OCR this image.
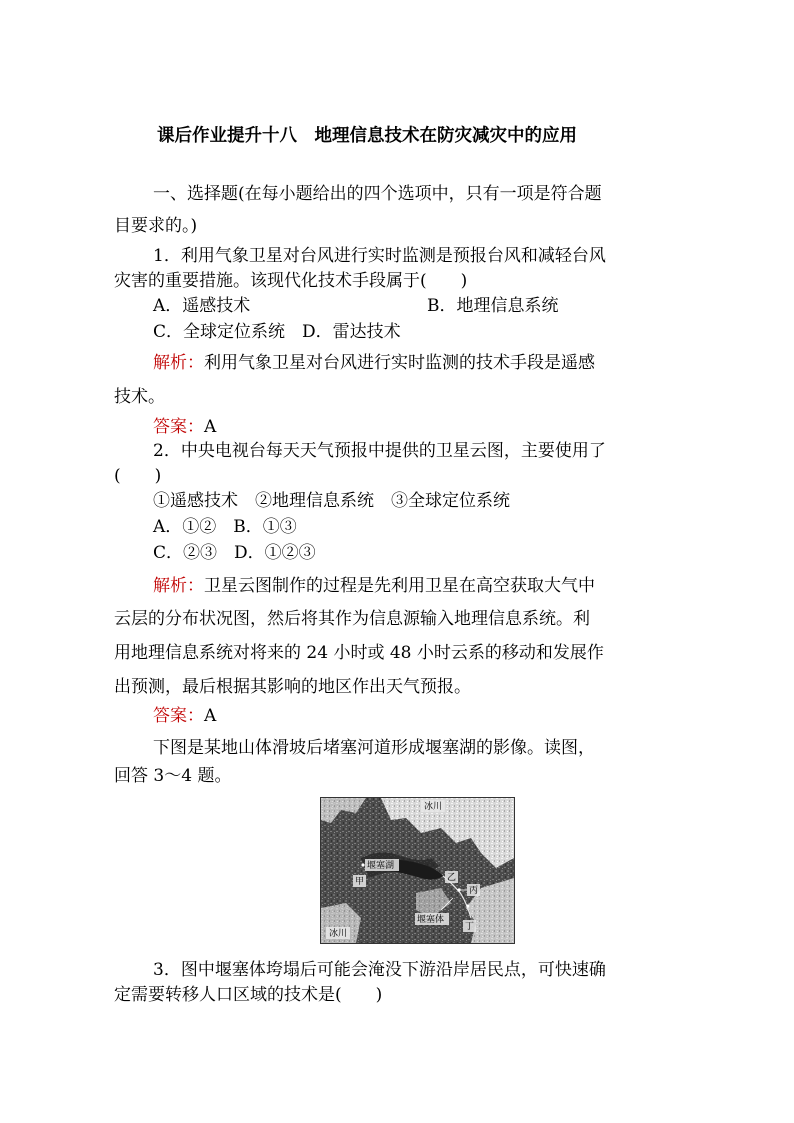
课后作业提升十八　地理信息技术在防灾减灾中的应用
一、选择题(在每小题给出的四个选项中，只有一项是符合题
目要求的。)
1．利用气象卫星对台风进行实时监测是预报台风和减轻台风
灾害的重要措施。该现代化技术手段属于(　　)
A．遥感技术	B．地理信息系统
C．全球定位系统　D．雷达技术
解析：利用气象卫星对台风进行实时监测的技术手段是遥感
技术。
答案：A
2．中央电视台每天天气预报中提供的卫星云图，主要使用了
(　　)
①遥感技术　②地理信息系统　③全球定位系统
A．①②　B．①③
C．②③　D．①②③
解析：卫星云图制作的过程是先利用卫星在高空获取大气中
云层的分布状况图，然后将其作为信息源输入地理信息系统。利
用地理信息系统对将来的 24 小时或 48 小时云系的移动和发展作
出预测，最后根据其影响的地区作出天气预报。
答案：A
下图是某地山体滑坡后堵塞河道形成堰塞湖的影像。读图，
回答 3～4 题。
冰川
堰塞湖
甲	乙
丙
堰塞体
丁
冰川
3．图中堰塞体垮塌后可能会淹没下游沿岸居民点，可快速确
定需要转移人口区域的技术是(　　)
